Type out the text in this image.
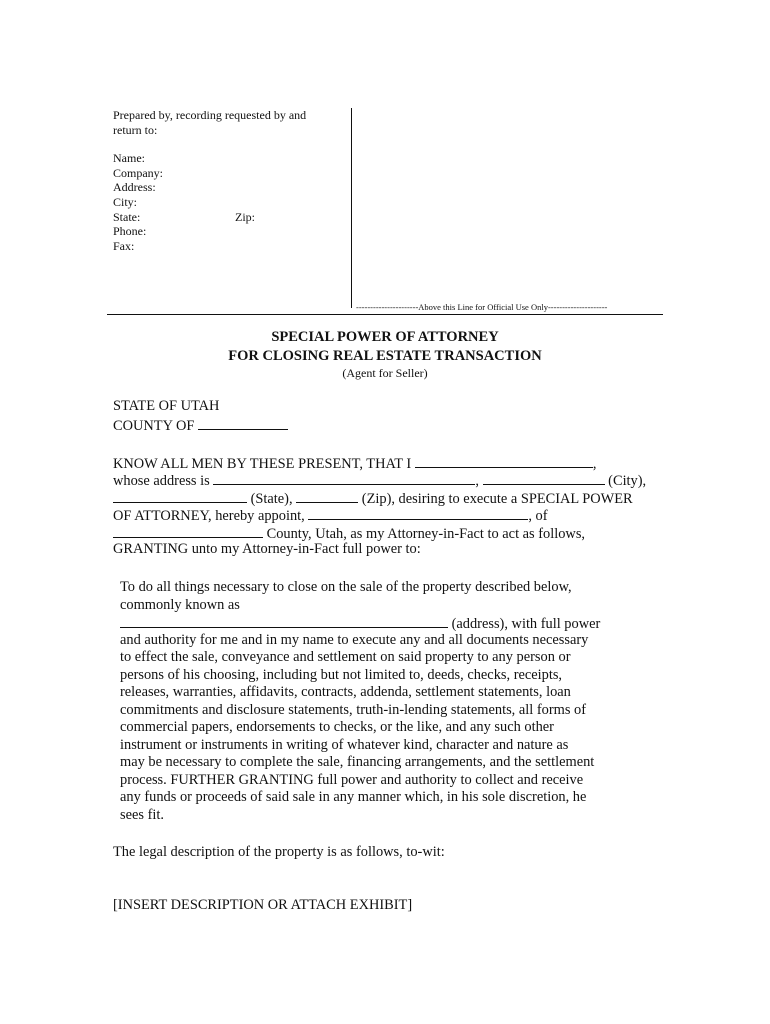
Prepared by, recording requested by and
return to:
Name:
Company:
Address:
City:
State:	Zip:
Phone:
Fax:
----------------------Above this Line for Official Use Only---------------------
SPECIAL POWER OF ATTORNEY
FOR CLOSING REAL ESTATE TRANSACTION
(Agent for Seller)
STATE OF UTAH
COUNTY OF
KNOW ALL MEN BY THESE PRESENT, THAT I	,
whose address is	,	(City),
(State),	(Zip), desiring to execute a SPECIAL POWER
OF ATTORNEY, hereby appoint,	, of
County, Utah, as my Attorney-in-Fact to act as follows,
GRANTING unto my Attorney-in-Fact full power to:
To do all things necessary to close on the sale of the property described below,
commonly known as
(address), with full power
and authority for me and in my name to execute any and all documents necessary
to effect the sale, conveyance and settlement on said property to any person or
persons of his choosing, including but not limited to, deeds, checks, receipts,
releases, warranties, affidavits, contracts, addenda, settlement statements, loan
commitments and disclosure statements, truth-in-lending statements, all forms of
commercial papers, endorsements to checks, or the like, and any such other
instrument or instruments in writing of whatever kind, character and nature as
may be necessary to complete the sale, financing arrangements, and the settlement
process. FURTHER GRANTING full power and authority to collect and receive
any funds or proceeds of said sale in any manner which, in his sole discretion, he
sees fit.
The legal description of the property is as follows, to-wit:
[INSERT DESCRIPTION OR ATTACH EXHIBIT]
